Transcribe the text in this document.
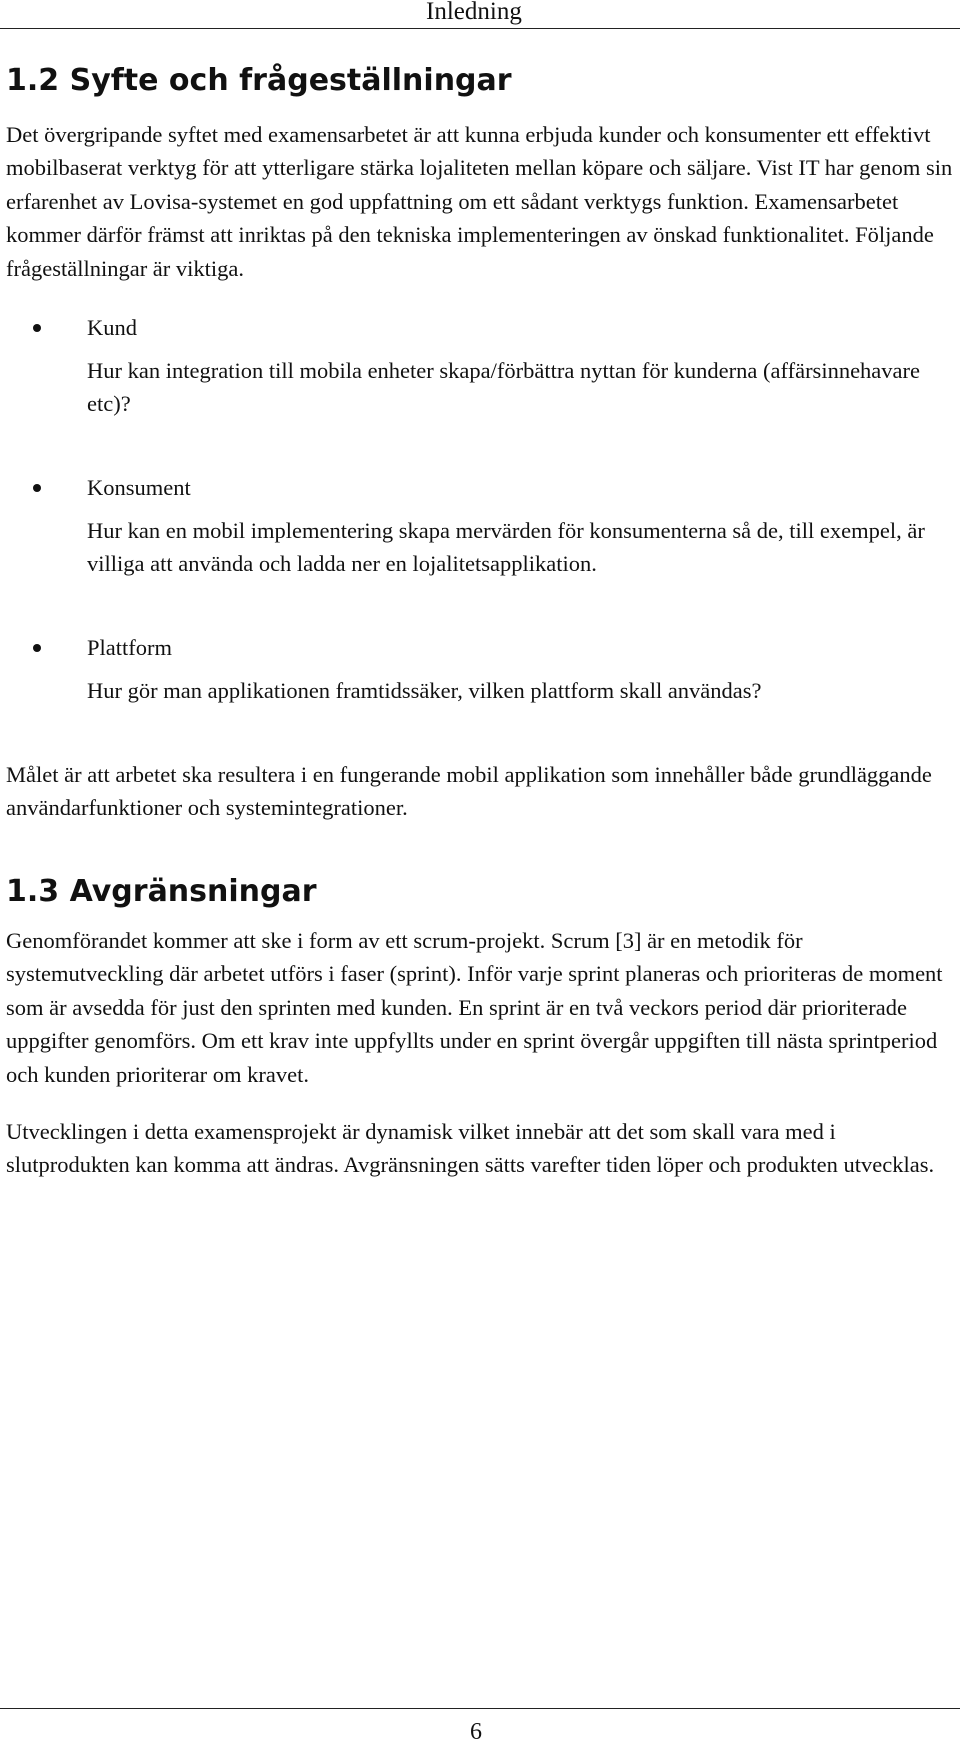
Inledning
1.2 Syfte och frågeställningar

Det övergripande syftet med examensarbetet är att kunna erbjuda kunder och konsumenter ett effektivt mobilbaserat verktyg för att ytterligare stärka lojaliteten mellan köpare och säljare. Vist IT har genom sin erfarenhet av Lovisa-systemet en god uppfattning om ett sådant verktygs funktion. Examensarbetet kommer därför främst att inriktas på den tekniska implementeringen av önskad funktionalitet. Följande frågeställningar är viktiga.

Kund

Hur kan integration till mobila enheter skapa/förbättra nyttan för kunderna (affärsinnehavare etc)?

Konsument

Hur kan en mobil implementering skapa mervärden för konsumenterna så de, till exempel, är villiga att använda och ladda ner en lojalitetsapplikation.

Plattform

Hur gör man applikationen framtidssäker, vilken plattform skall användas?

Målet är att arbetet ska resultera i en fungerande mobil applikation som innehåller både grundläggande användarfunktioner och systemintegrationer.

1.3 Avgränsningar

Genomförandet kommer att ske i form av ett scrum-projekt. Scrum [3] är en metodik för systemutveckling där arbetet utförs i faser (sprint). Inför varje sprint planeras och prioriteras de moment som är avsedda för just den sprinten med kunden. En sprint är en två veckors period där prioriterade uppgifter genomförs. Om ett krav inte uppfyllts under en sprint övergår uppgiften till nästa sprintperiod och kunden prioriterar om kravet.

Utvecklingen i detta examensprojekt är dynamisk vilket innebär att det som skall vara med i slutprodukten kan komma att ändras. Avgränsningen sätts varefter tiden löper och produkten utvecklas.

6
